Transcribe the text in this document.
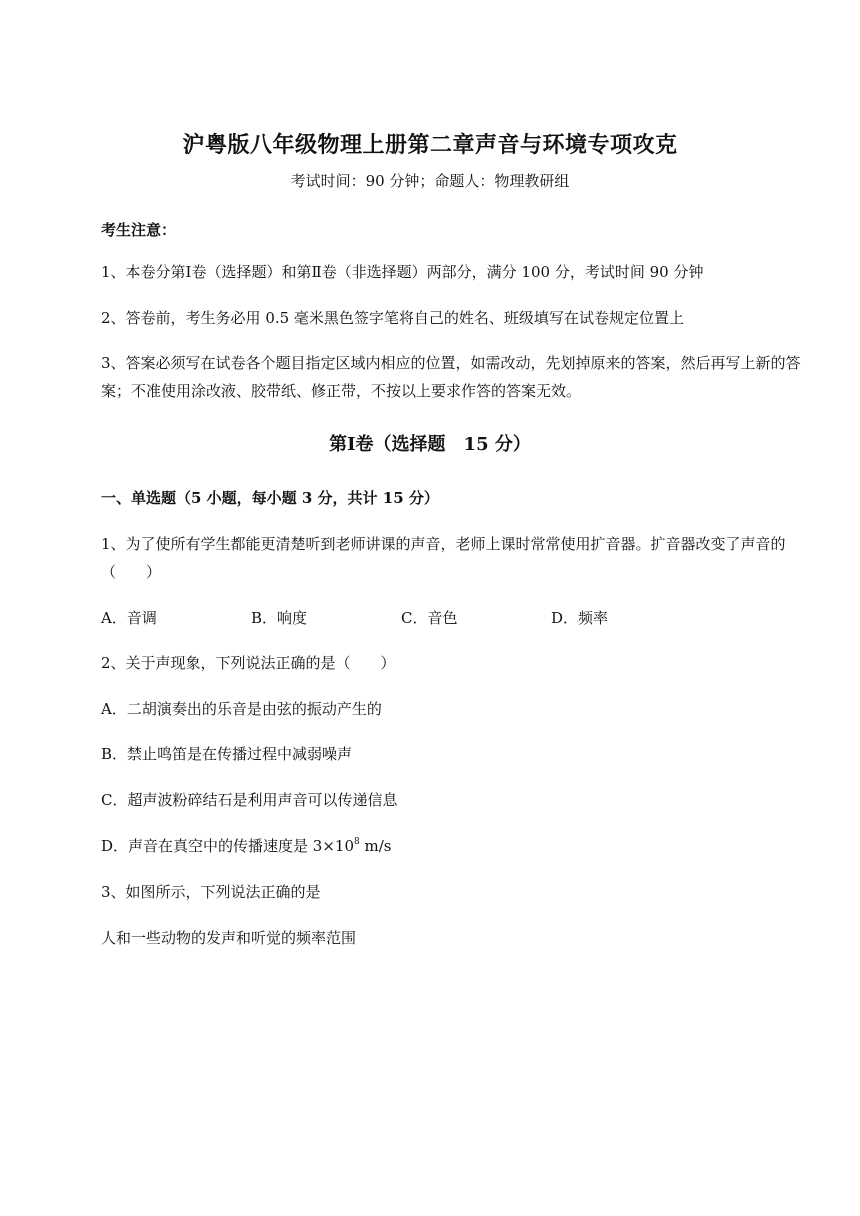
沪粤版八年级物理上册第二章声音与环境专项攻克
考试时间：90 分钟；命题人：物理教研组
考生注意：
1、本卷分第Ⅰ卷（选择题）和第Ⅱ卷（非选择题）两部分，满分 100 分，考试时间 90 分钟
2、答卷前，考生务必用 0.5 毫米黑色签字笔将自己的姓名、班级填写在试卷规定位置上
3、答案必须写在试卷各个题目指定区域内相应的位置，如需改动，先划掉原来的答案，然后再写上新的答案；不准使用涂改液、胶带纸、修正带，不按以上要求作答的答案无效。
第Ⅰ卷（选择题　15 分）
一、单选题（5 小题，每小题 3 分，共计 15 分）
1、为了使所有学生都能更清楚听到老师讲课的声音，老师上课时常常使用扩音器。扩音器改变了声音的（　　）
A．音调	B．响度	C．音色	D．频率
2、关于声现象，下列说法正确的是（　　）
A．二胡演奏出的乐音是由弦的振动产生的
B．禁止鸣笛是在传播过程中减弱噪声
C．超声波粉碎结石是利用声音可以传递信息
D．声音在真空中的传播速度是 $3\times 10^8$ m/s
3、如图所示，下列说法正确的是
人和一些动物的发声和听觉的频率范围
